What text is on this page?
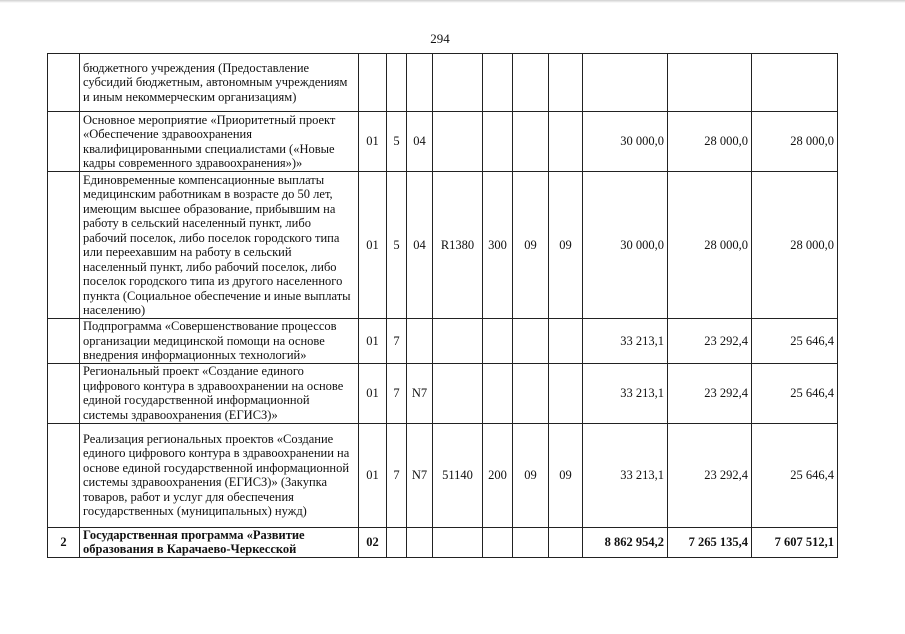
294
	бюджетного учреждения (Предоставление субсидий бюджетным, автономным учреждениям и иным некоммерческим организациям)										
	Основное мероприятие «Приоритетный проект «Обеспечение здравоохранения квалифицированными специалистами («Новые кадры современного здравоохранения»)»	01	5	04					30 000,0	28 000,0	28 000,0
	Единовременные компенсационные выплаты медицинским работникам в возрасте до 50 лет, имеющим высшее образование, прибывшим на работу в сельский населенный пункт, либо рабочий поселок, либо поселок городского типа или переехавшим на работу в сельский населенный пункт, либо рабочий поселок, либо поселок городского типа из другого населенного пункта (Социальное обеспечение и иные выплаты населению)	01	5	04	R1380	300	09	09	30 000,0	28 000,0	28 000,0
	Подпрограмма «Совершенствование процессов организации медицинской помощи на основе внедрения информационных технологий»	01	7						33 213,1	23 292,4	25 646,4
	Региональный проект «Создание единого цифрового контура в здравоохранении на основе единой государственной информационной системы здравоохранения (ЕГИСЗ)»	01	7	N7					33 213,1	23 292,4	25 646,4
	Реализация региональных проектов «Создание единого цифрового контура в здравоохранении на основе единой государственной информационной системы здравоохранения (ЕГИСЗ)» (Закупка товаров, работ и услуг для обеспечения государственных (муниципальных) нужд)	01	7	N7	51140	200	09	09	33 213,1	23 292,4	25 646,4
2	Государственная программа «Развитие образования в Карачаево-Черкесской	02							8 862 954,2	7 265 135,4	7 607 512,1
